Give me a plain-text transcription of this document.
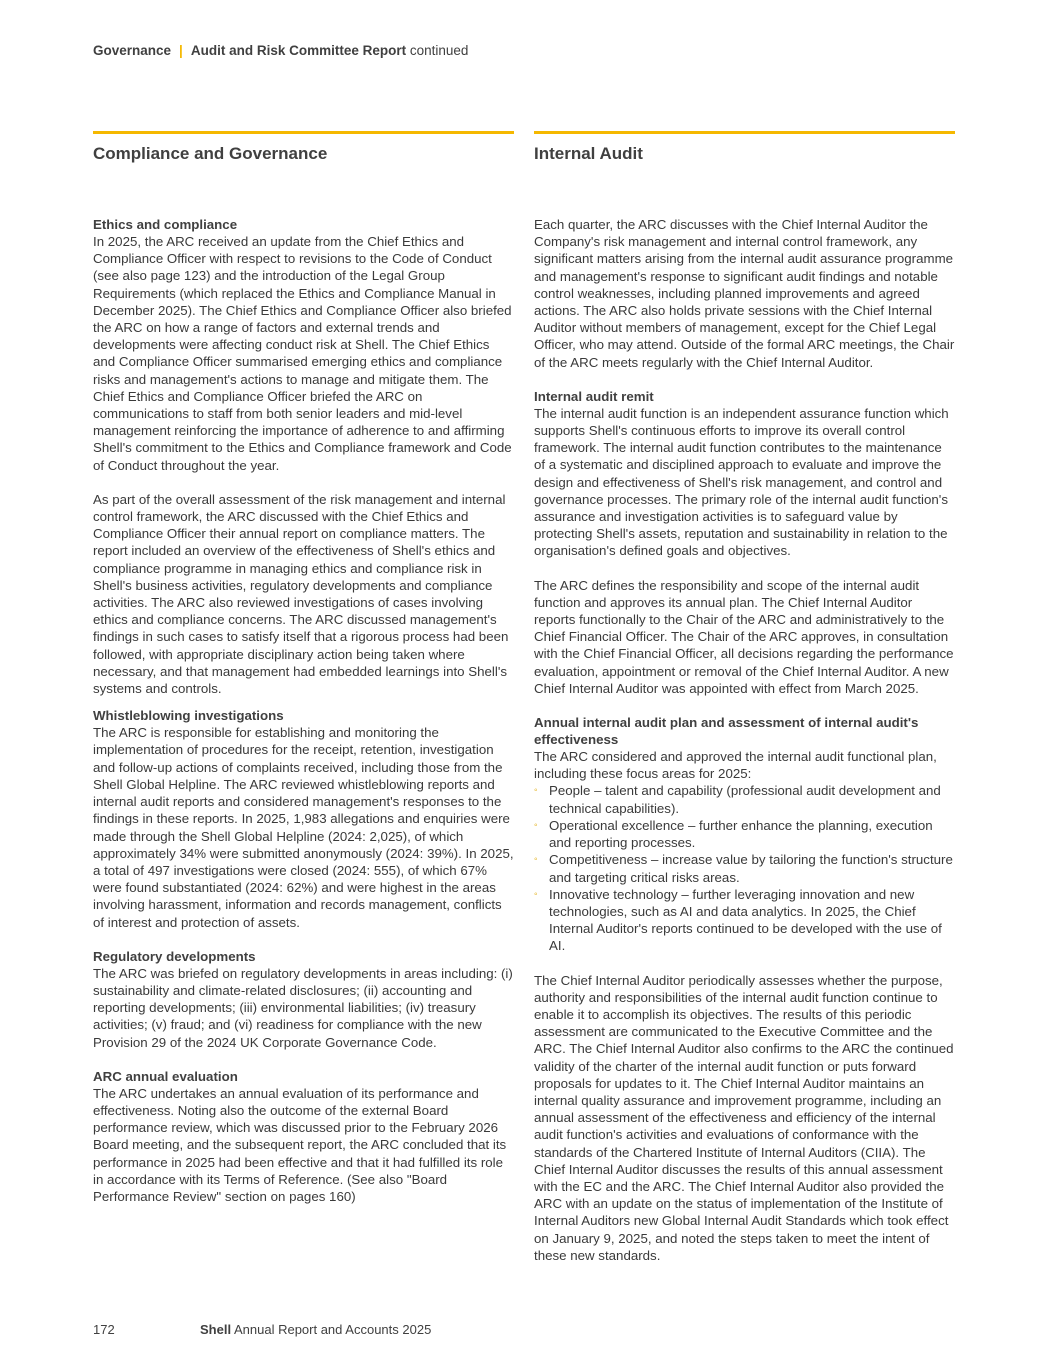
Governance | Audit and Risk Committee Report continued
Compliance and Governance
Ethics and compliance

In 2025, the ARC received an update from the Chief Ethics and Compliance Officer with respect to revisions to the Code of Conduct (see also page 123) and the introduction of the Legal Group Requirements (which replaced the Ethics and Compliance Manual in December 2025). The Chief Ethics and Compliance Officer also briefed the ARC on how a range of factors and external trends and developments were affecting conduct risk at Shell. The Chief Ethics and Compliance Officer summarised emerging ethics and compliance risks and management's actions to manage and mitigate them. The Chief Ethics and Compliance Officer briefed the ARC on communications to staff from both senior leaders and mid-level management reinforcing the importance of adherence to and affirming Shell's commitment to the Ethics and Compliance framework and Code of Conduct throughout the year.

As part of the overall assessment of the risk management and internal control framework, the ARC discussed with the Chief Ethics and Compliance Officer their annual report on compliance matters. The report included an overview of the effectiveness of Shell's ethics and compliance programme in managing ethics and compliance risk in Shell's business activities, regulatory developments and compliance activities. The ARC also reviewed investigations of cases involving ethics and compliance concerns. The ARC discussed management's findings in such cases to satisfy itself that a rigorous process had been followed, with appropriate disciplinary action being taken where necessary, and that management had embedded learnings into Shell's systems and controls.

Whistleblowing investigations

The ARC is responsible for establishing and monitoring the implementation of procedures for the receipt, retention, investigation and follow-up actions of complaints received, including those from the Shell Global Helpline. The ARC reviewed whistleblowing reports and internal audit reports and considered management's responses to the findings in these reports. In 2025, 1,983 allegations and enquiries were made through the Shell Global Helpline (2024: 2,025), of which approximately 34% were submitted anonymously (2024: 39%). In 2025, a total of 497 investigations were closed (2024: 555), of which 67% were found substantiated (2024: 62%) and were highest in the areas involving harassment, information and records management, conflicts of interest and protection of assets.

Regulatory developments

The ARC was briefed on regulatory developments in areas including: (i) sustainability and climate-related disclosures; (ii) accounting and reporting developments; (iii) environmental liabilities; (iv) treasury activities; (v) fraud; and (vi) readiness for compliance with the new Provision 29 of the 2024 UK Corporate Governance Code.

ARC annual evaluation

The ARC undertakes an annual evaluation of its performance and effectiveness. Noting also the outcome of the external Board performance review, which was discussed prior to the February 2026 Board meeting, and the subsequent report, the ARC concluded that its performance in 2025 had been effective and that it had fulfilled its role in accordance with its Terms of Reference. (See also "Board Performance Review" section on pages 160)

Internal Audit

Each quarter, the ARC discusses with the Chief Internal Auditor the Company's risk management and internal control framework, any significant matters arising from the internal audit assurance programme and management's response to significant audit findings and notable control weaknesses, including planned improvements and agreed actions. The ARC also holds private sessions with the Chief Internal Auditor without members of management, except for the Chief Legal Officer, who may attend. Outside of the formal ARC meetings, the Chair of the ARC meets regularly with the Chief Internal Auditor.

Internal audit remit

The internal audit function is an independent assurance function which supports Shell's continuous efforts to improve its overall control framework. The internal audit function contributes to the maintenance of a systematic and disciplined approach to evaluate and improve the design and effectiveness of Shell's risk management, and control and governance processes. The primary role of the internal audit function's assurance and investigation activities is to safeguard value by protecting Shell's assets, reputation and sustainability in relation to the organisation's defined goals and objectives.

The ARC defines the responsibility and scope of the internal audit function and approves its annual plan. The Chief Internal Auditor reports functionally to the Chair of the ARC and administratively to the Chief Financial Officer. The Chair of the ARC approves, in consultation with the Chief Financial Officer, all decisions regarding the performance evaluation, appointment or removal of the Chief Internal Auditor. A new Chief Internal Auditor was appointed with effect from March 2025.

Annual internal audit plan and assessment of internal audit's effectiveness

The ARC considered and approved the internal audit functional plan, including these focus areas for 2025:

◦ People – talent and capability (professional audit development and technical capabilities).
◦ Operational excellence – further enhance the planning, execution and reporting processes.
◦ Competitiveness – increase value by tailoring the function's structure and targeting critical risks areas.
◦ Innovative technology – further leveraging innovation and new technologies, such as AI and data analytics. In 2025, the Chief Internal Auditor's reports continued to be developed with the use of AI.

The Chief Internal Auditor periodically assesses whether the purpose, authority and responsibilities of the internal audit function continue to enable it to accomplish its objectives. The results of this periodic assessment are communicated to the Executive Committee and the ARC. The Chief Internal Auditor also confirms to the ARC the continued validity of the charter of the internal audit function or puts forward proposals for updates to it. The Chief Internal Auditor maintains an internal quality assurance and improvement programme, including an annual assessment of the effectiveness and efficiency of the internal audit function's activities and evaluations of conformance with the standards of the Chartered Institute of Internal Auditors (CIIA). The Chief Internal Auditor discusses the results of this annual assessment with the EC and the ARC. The Chief Internal Auditor also provided the ARC with an update on the status of implementation of the Institute of Internal Auditors new Global Internal Audit Standards which took effect on January 9, 2025, and noted the steps taken to meet the intent of these new standards.

172	Shell Annual Report and Accounts 2025
